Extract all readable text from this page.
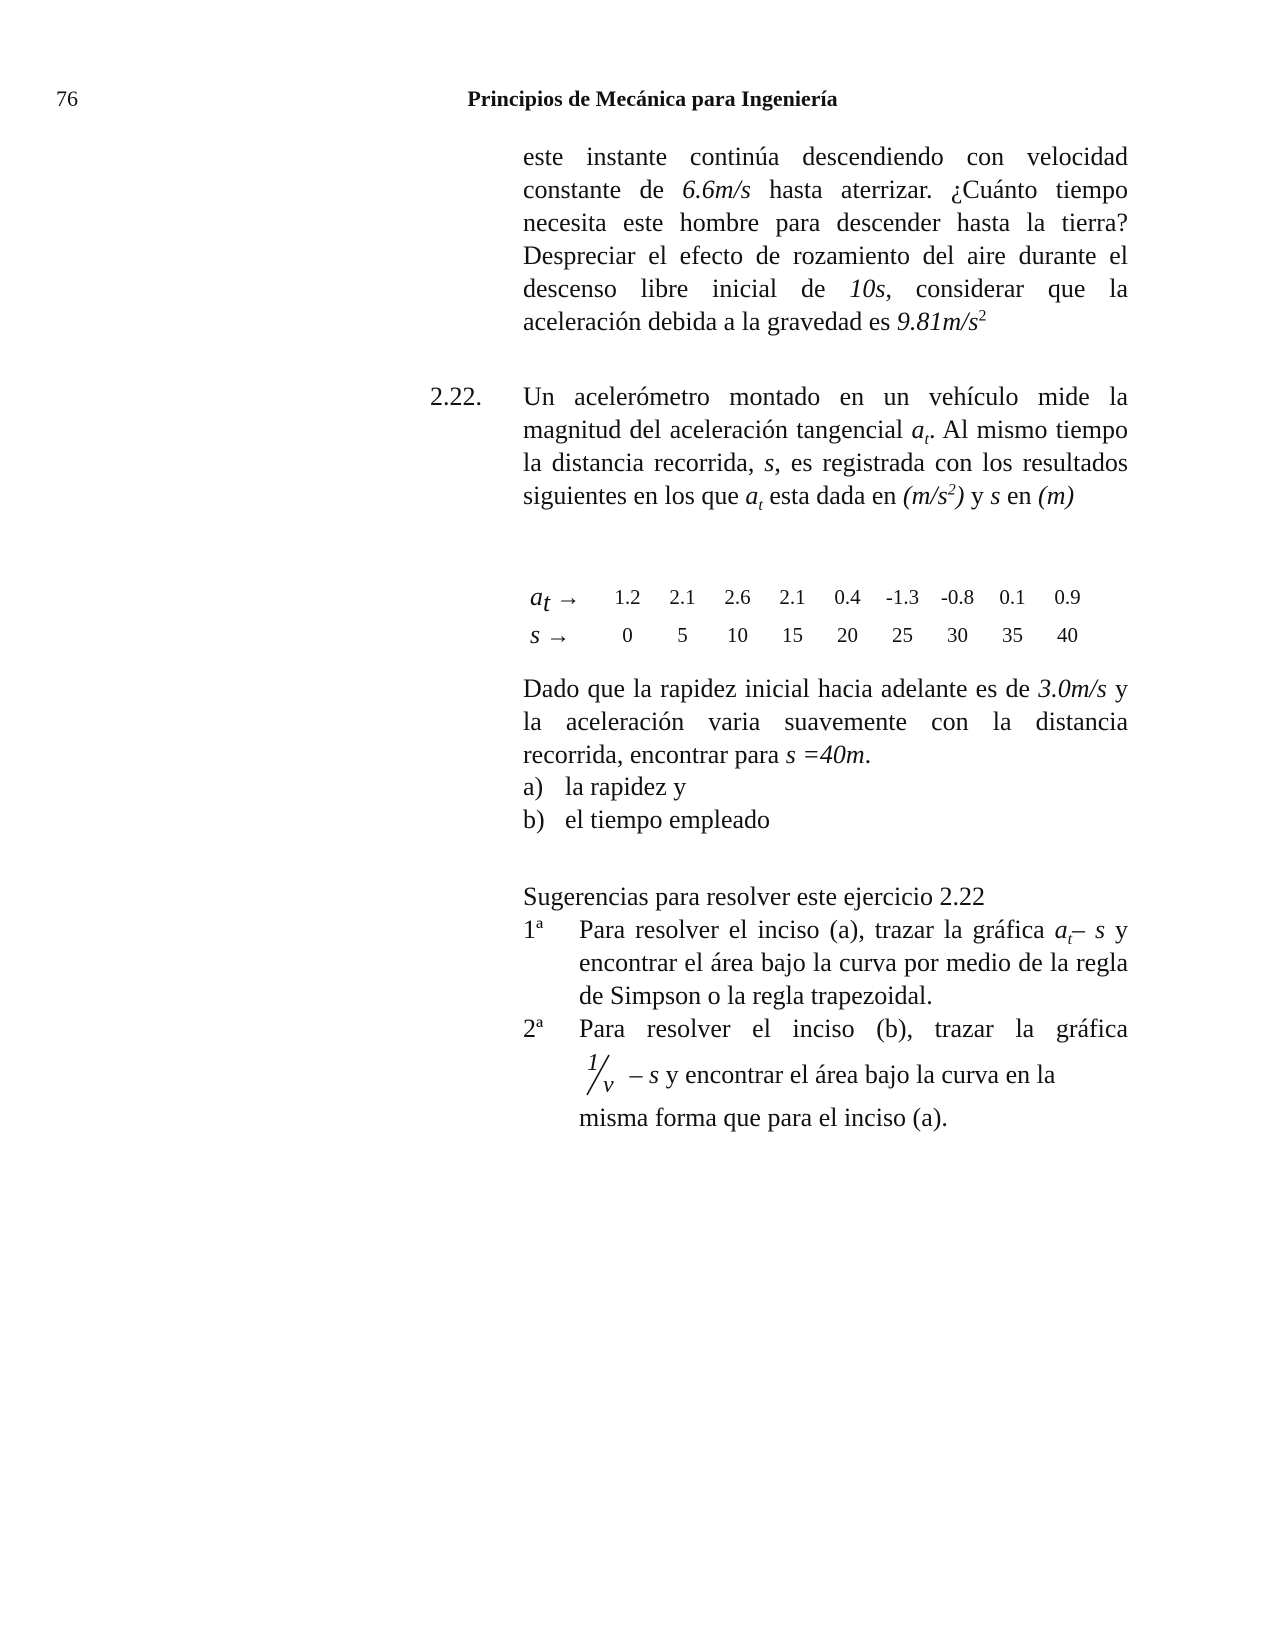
76	Principios de Mecánica para Ingeniería

este instante continúa descendiendo con velocidad constante de 6.6m/s hasta aterrizar. ¿Cuánto tiempo necesita este hombre para descender hasta la tierra? Despreciar el efecto de rozamiento del aire durante el descenso libre inicial de 10s, considerar que la aceleración debida a la gravedad es $9.81m/s^2$

2.22. Un acelerómetro montado en un vehículo mide la magnitud del aceleración tangencial $a_t$. Al mismo tiempo la distancia recorrida, s, es registrada con los resultados siguientes en los que $a_t$ esta dada en $(m/s^2)$ y s en (m)

$a_t$ →	1.2	2.1	2.6	2.1	0.4	-1.3	-0.8	0.1	0.9
s →	0	5	10	15	20	25	30	35	40

Dado que la rapidez inicial hacia adelante es de 3.0m/s y la aceleración varia suavemente con la distancia recorrida, encontrar para s =40m.

a) la rapidez y
b) el tiempo empleado
Sugerencias para resolver este ejercicio 2.22
1ª Para resolver el inciso (a), trazar la gráfica $a_t-$ s y encontrar el área bajo la curva por medio de la regla de Simpson o la regla trapezoidal.
2ª Para resolver el inciso (b), trazar la gráfica
1
v – s y encontrar el área bajo la curva en la
misma forma que para el inciso (a).
